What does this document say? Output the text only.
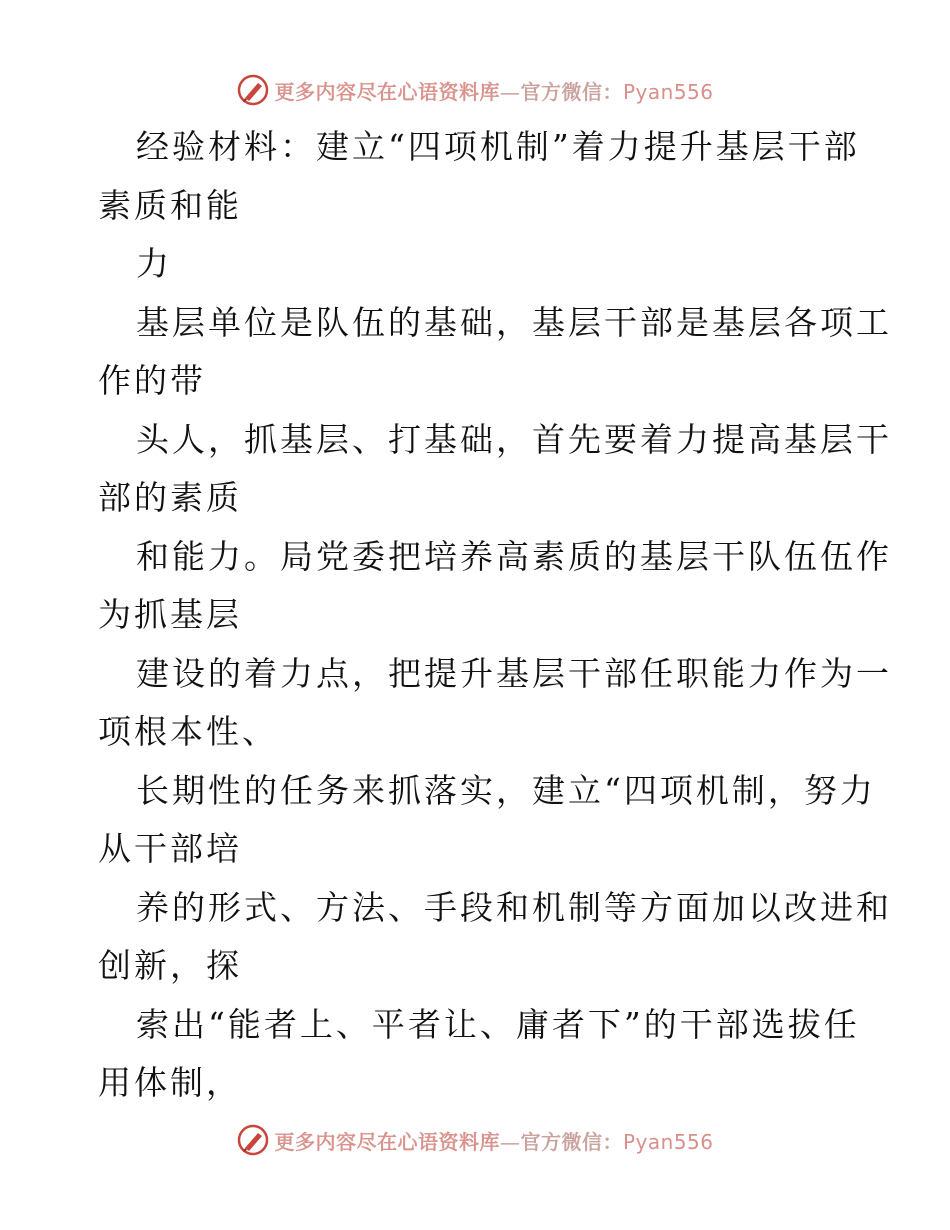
更多内容尽在心语资料库—官方微信：Pyan556
经验材料：建立“四项机制”着力提升基层干部
素质和能
力
基层单位是队伍的基础，基层干部是基层各项工
作的带
头人，抓基层、打基础，首先要着力提高基层干
部的素质
和能力。局党委把培养高素质的基层干队伍伍作
为抓基层
建设的着力点，把提升基层干部任职能力作为一
项根本性、
长期性的任务来抓落实，建立“四项机制，努力
从干部培
养的形式、方法、手段和机制等方面加以改进和
创新，探
索出“能者上、平者让、庸者下”的干部选拔任
用体制，
更多内容尽在心语资料库—官方微信：Pyan556
